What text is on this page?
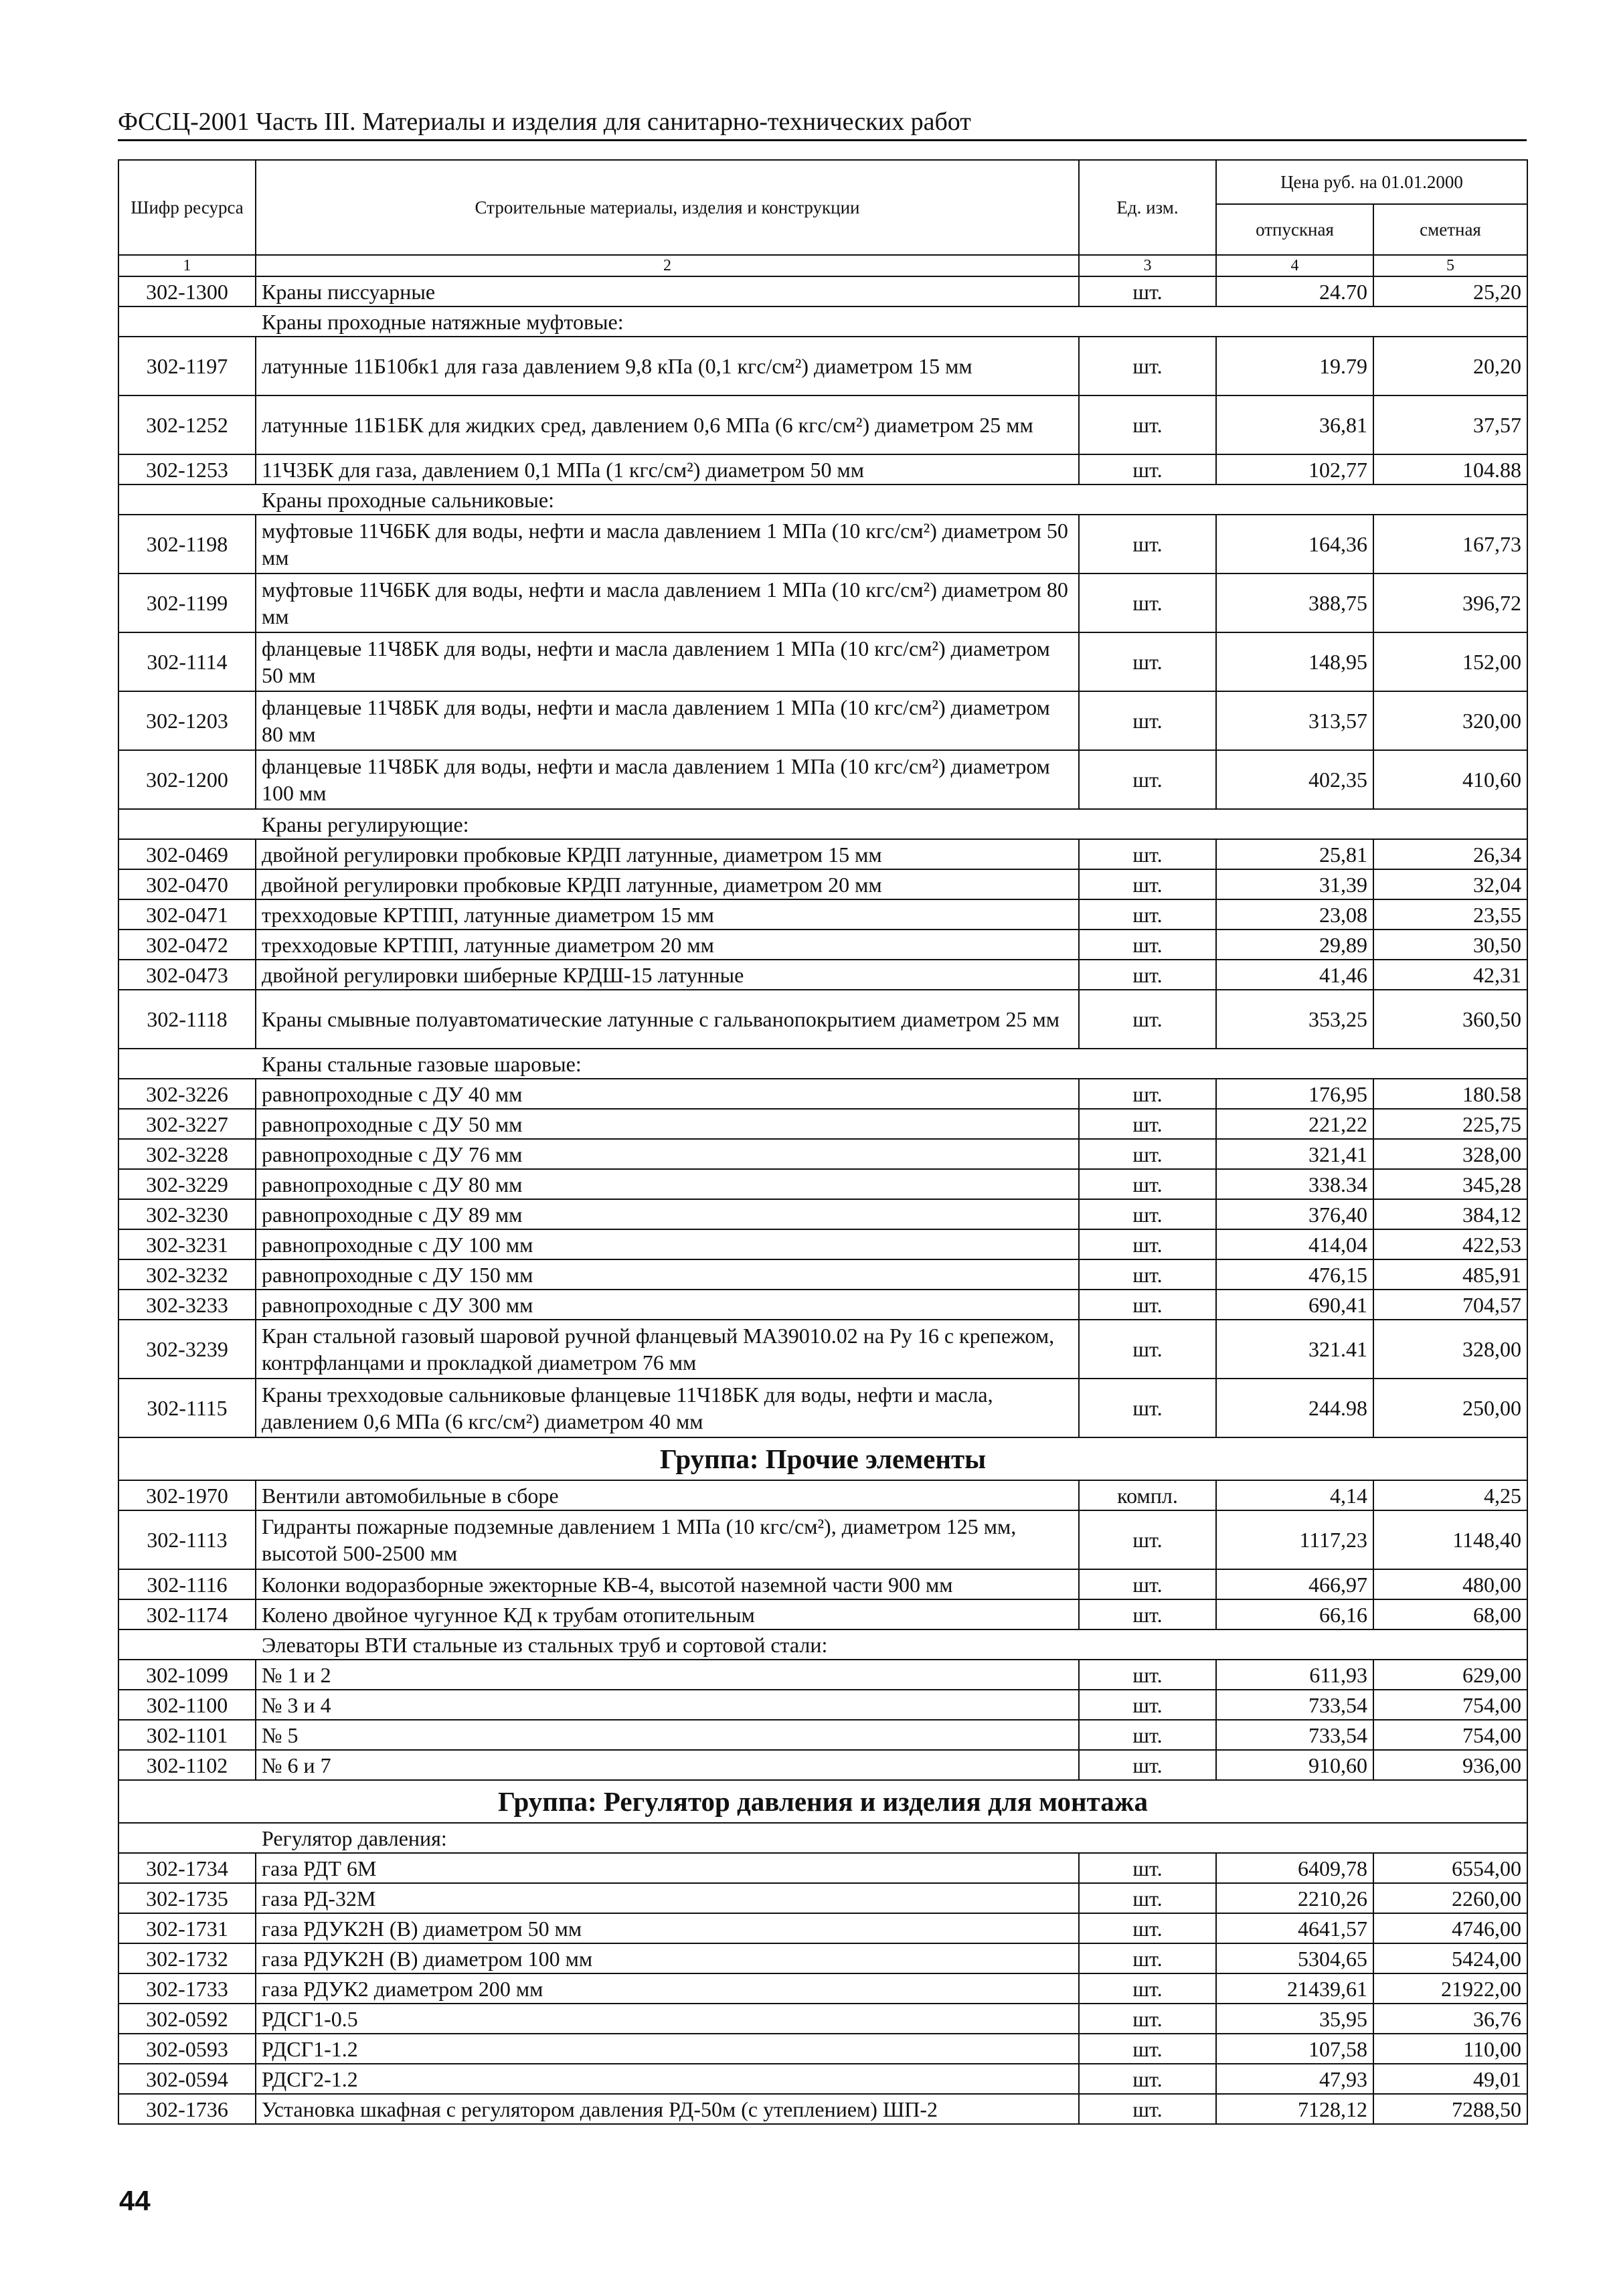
ФССЦ-2001 Часть III. Материалы и изделия для санитарно-технических работ
Шифр ресурса	Строительные материалы, изделия и конструкции	Ед. изм.	Цена руб. на 01.01.2000	
			отпускная	сметная
1	2	3	4	5
302-1300	Краны писсуарные	шт.	24.70	25,20
Краны проходные натяжные муфтовые:				
302-1197	латунные 11Б10бк1 для газа давлением 9,8 кПа (0,1 кгс/см²) диаметром 15 мм	шт.	19.79	20,20
302-1252	латунные 11Б1БК для жидких сред, давлением 0,6 МПа (6 кгс/см²) диаметром 25 мм	шт.	36,81	37,57
302-1253	11Ч3БК для газа, давлением 0,1 МПа (1 кгс/см²) диаметром 50 мм	шт.	102,77	104.88
Краны проходные сальниковые:				
302-1198	муфтовые 11Ч6БК для воды, нефти и масла давлением 1 МПа (10 кгс/см²) диаметром 50 мм	шт.	164,36	167,73
302-1199	муфтовые 11Ч6БК для воды, нефти и масла давлением 1 МПа (10 кгс/см²) диаметром 80 мм	шт.	388,75	396,72
302-1114	фланцевые 11Ч8БК для воды, нефти и масла давлением 1 МПа (10 кгс/см²) диаметром 50 мм	шт.	148,95	152,00
302-1203	фланцевые 11Ч8БК для воды, нефти и масла давлением 1 МПа (10 кгс/см²) диаметром 80 мм	шт.	313,57	320,00
302-1200	фланцевые 11Ч8БК для воды, нефти и масла давлением 1 МПа (10 кгс/см²) диаметром 100 мм	шт.	402,35	410,60
Краны регулирующие:				
302-0469	двойной регулировки пробковые КРДП латунные, диаметром 15 мм	шт.	25,81	26,34
302-0470	двойной регулировки пробковые КРДП латунные, диаметром 20 мм	шт.	31,39	32,04
302-0471	трехходовые КРТПП, латунные диаметром 15 мм	шт.	23,08	23,55
302-0472	трехходовые КРТПП, латунные диаметром 20 мм	шт.	29,89	30,50
302-0473	двойной регулировки шиберные КРДШ-15 латунные	шт.	41,46	42,31
302-1118	Краны смывные полуавтоматические латунные с гальванопокрытием диаметром 25 мм	шт.	353,25	360,50
Краны стальные газовые шаровые:				
302-3226	равнопроходные с ДУ 40 мм	шт.	176,95	180.58
302-3227	равнопроходные с ДУ 50 мм	шт.	221,22	225,75
302-3228	равнопроходные с ДУ 76 мм	шт.	321,41	328,00
302-3229	равнопроходные с ДУ 80 мм	шт.	338.34	345,28
302-3230	равнопроходные с ДУ 89 мм	шт.	376,40	384,12
302-3231	равнопроходные с ДУ 100 мм	шт.	414,04	422,53
302-3232	равнопроходные с ДУ 150 мм	шт.	476,15	485,91
302-3233	равнопроходные с ДУ 300 мм	шт.	690,41	704,57
302-3239	Кран стальной газовый шаровой ручной фланцевый МА39010.02 на Ру 16 с крепежом, контрфланцами и прокладкой диаметром 76 мм	шт.	321.41	328,00
302-1115	Краны трехходовые сальниковые фланцевые 11Ч18БК для воды, нефти и масла, давлением 0,6 МПа (6 кгс/см²) диаметром 40 мм	шт.	244.98	250,00
Группа: Прочие элементы				
302-1970	Вентили автомобильные в сборе	компл.	4,14	4,25
302-1113	Гидранты пожарные подземные давлением 1 МПа (10 кгс/см²), диаметром 125 мм, высотой 500-2500 мм	шт.	1117,23	1148,40
302-1116	Колонки водоразборные эжекторные КВ-4, высотой наземной части 900 мм	шт.	466,97	480,00
302-1174	Колено двойное чугунное КД к трубам отопительным	шт.	66,16	68,00
Элеваторы ВТИ стальные из стальных труб и сортовой стали:				
302-1099	№ 1 и 2	шт.	611,93	629,00
302-1100	№ 3 и 4	шт.	733,54	754,00
302-1101	№ 5	шт.	733,54	754,00
302-1102	№ 6 и 7	шт.	910,60	936,00
Группа: Регулятор давления и изделия для монтажа				
Регулятор давления:				
302-1734	газа РДТ 6М	шт.	6409,78	6554,00
302-1735	газа РД-32М	шт.	2210,26	2260,00
302-1731	газа РДУК2Н (В) диаметром 50 мм	шт.	4641,57	4746,00
302-1732	газа РДУК2Н (В) диаметром 100 мм	шт.	5304,65	5424,00
302-1733	газа РДУК2 диаметром 200 мм	шт.	21439,61	21922,00
302-0592	РДСГ1-0.5	шт.	35,95	36,76
302-0593	РДСГ1-1.2	шт.	107,58	110,00
302-0594	РДСГ2-1.2	шт.	47,93	49,01
302-1736	Установка шкафная с регулятором давления РД-50м (с утеплением) ШП-2	шт.	7128,12	7288,50
44
